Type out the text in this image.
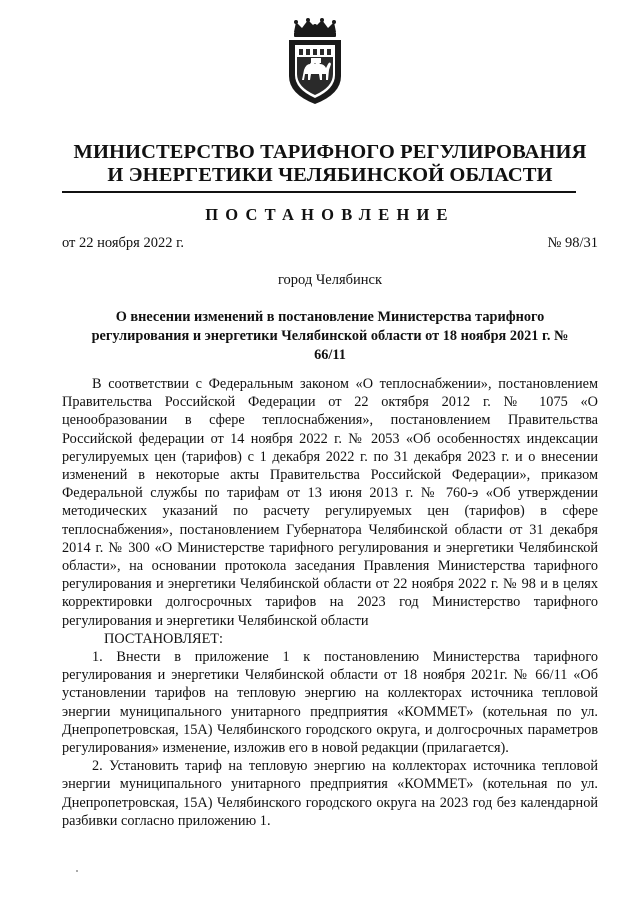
МИНИСТЕРСТВО ТАРИФНОГО РЕГУЛИРОВАНИЯ
И ЭНЕРГЕТИКИ ЧЕЛЯБИНСКОЙ ОБЛАСТИ
ПОСТАНОВЛЕНИЕ
от 22 ноября 2022 г.	№ 98/31
город Челябинск
О внесении изменений в постановление Министерства тарифного регулирования и энергетики Челябинской области от 18 ноября 2021 г. № 66/11

В соответствии с Федеральным законом «О теплоснабжении», постановлением Правительства Российской Федерации от 22 октября 2012 г. № 1075 «О ценообразовании в сфере теплоснабжения», постановлением Правительства Российской федерации от 14 ноября 2022 г. № 2053 «Об особенностях индексации регулируемых цен (тарифов) с 1 декабря 2022 г. по 31 декабря 2023 г. и о внесении изменений в некоторые акты Правительства Российской Федерации», приказом Федеральной службы по тарифам от 13 июня 2013 г. № 760-э «Об утверждении методических указаний по расчету регулируемых цен (тарифов) в сфере теплоснабжения», постановлением Губернатора Челябинской области от 31 декабря 2014 г. № 300 «О Министерстве тарифного регулирования и энергетики Челябинской области», на основании протокола заседания Правления Министерства тарифного регулирования и энергетики Челябинской области от 22 ноября 2022 г. № 98 и в целях корректировки долгосрочных тарифов на 2023 год Министерство тарифного регулирования и энергетики Челябинской области

ПОСТАНОВЛЯЕТ:

1. Внести в приложение 1 к постановлению Министерства тарифного регулирования и энергетики Челябинской области от 18 ноября 2021г. № 66/11 «Об установлении тарифов на тепловую энергию на коллекторах источника тепловой энергии муниципального унитарного предприятия «КОММЕТ» (котельная по ул. Днепропетровская, 15А) Челябинского городского округа, и долгосрочных параметров регулирования» изменение, изложив его в новой редакции (прилагается).

2. Установить тариф на тепловую энергию на коллекторах источника тепловой энергии муниципального унитарного предприятия «КОММЕТ» (котельная по ул. Днепропетровская, 15А) Челябинского городского округа на 2023 год без календарной разбивки согласно приложению 1.
